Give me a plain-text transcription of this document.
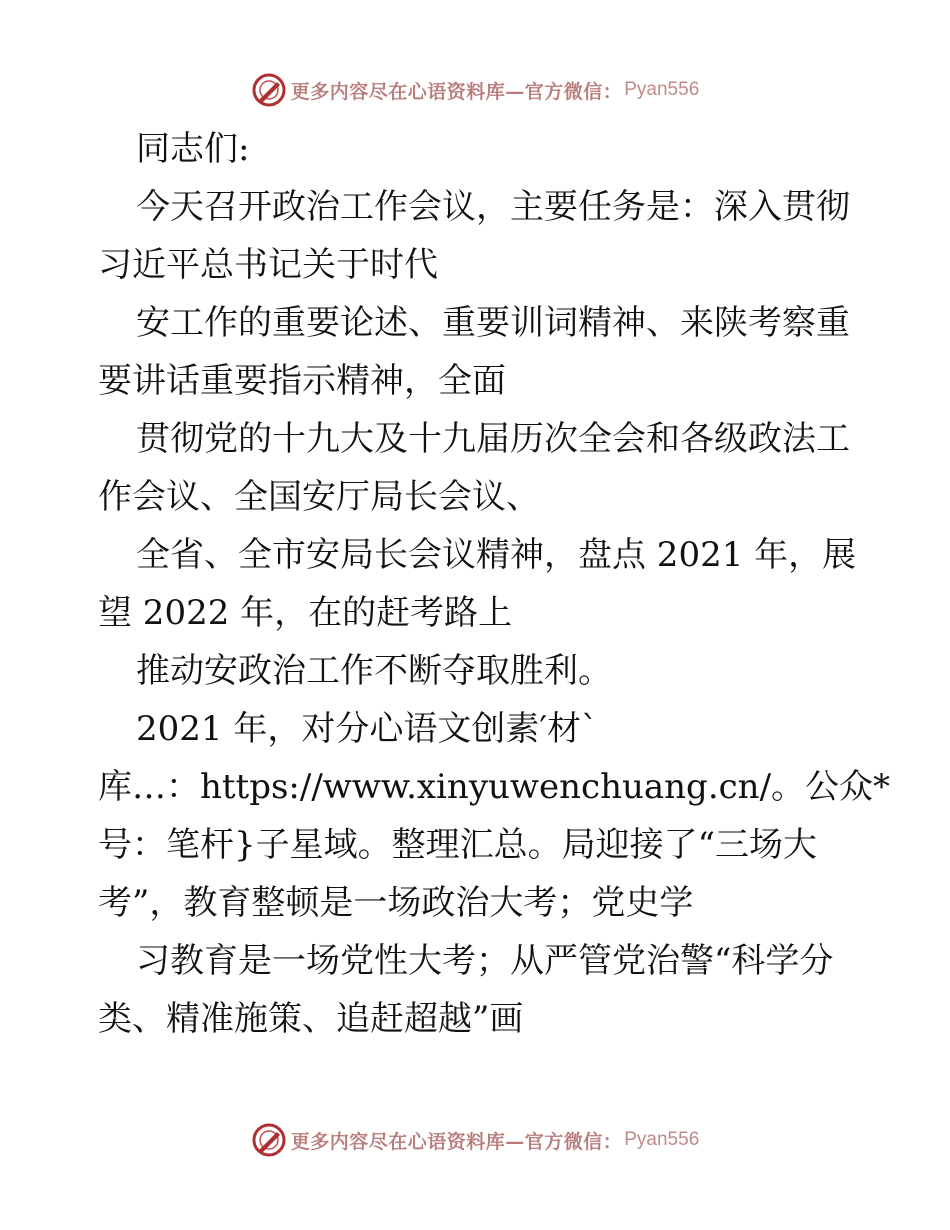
更多内容尽在心语资料库—官方微信： Pyan556
同志们:
今天召开政治工作会议，主要任务是：深入贯彻
习近平总书记关于时代
安工作的重要论述、重要训词精神、来陕考察重
要讲话重要指示精神，全面
贯彻党的十九大及十九届历次全会和各级政法工
作会议、全国安厅局长会议、
全省、全市安局长会议精神，盘点 2021 年，展
望 2022 年，在的赶考路上
推动安政治工作不断夺取胜利。
2021 年，对分心语文创素′材`
库…：https://www.xinyuwenchuang.cn/。公众*
号：笔杆}子星域。整理汇总。局迎接了“三场大
考”，教育整顿是一场政治大考；党史学
习教育是一场党性大考；从严管党治警“科学分
类、精准施策、追赶超越”画
更多内容尽在心语资料库—官方微信： Pyan556
